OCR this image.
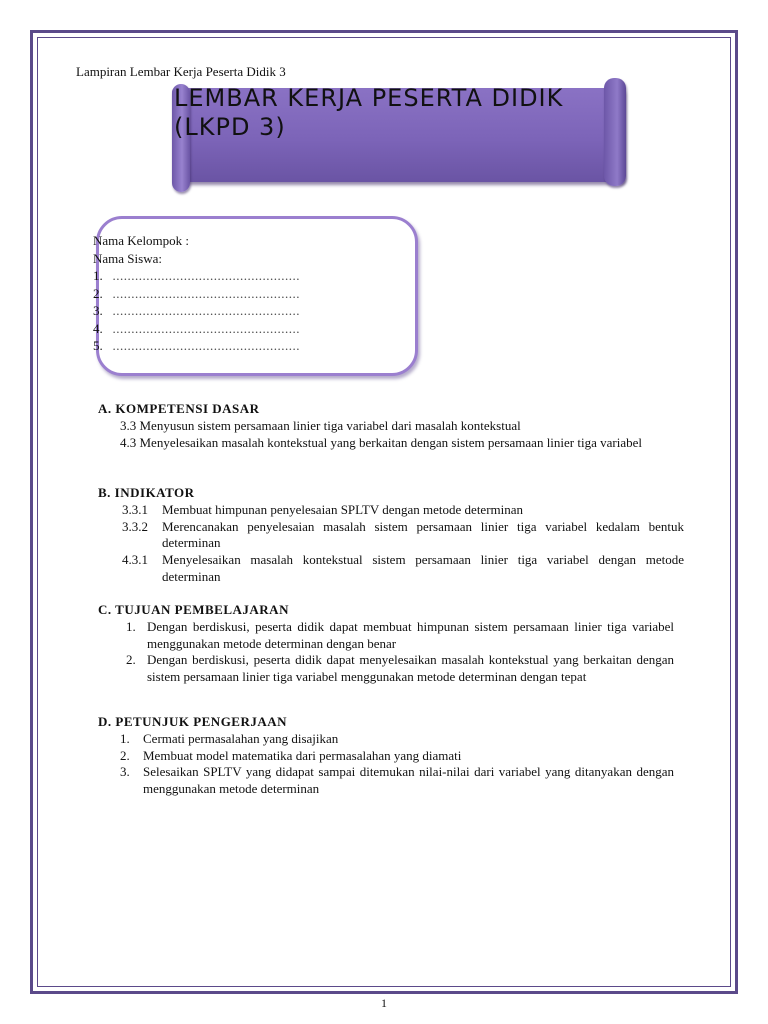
Lampiran Lembar Kerja Peserta Didik 3
LEMBAR KERJA PESERTA DIDIK
(LKPD 3)
Nama Kelompok :
Nama Siswa:
1. ..................................................
2. ..................................................
3. ..................................................
4. ..................................................
5. ..................................................
A. KOMPETENSI DASAR
3.3 Menyusun sistem persamaan linier tiga variabel dari masalah kontekstual
4.3 Menyelesaikan masalah kontekstual yang berkaitan dengan sistem persamaan linier tiga variabel
B. INDIKATOR
3.3.1	Membuat himpunan penyelesaian SPLTV dengan metode determinan
3.3.2	Merencanakan penyelesaian masalah sistem persamaan linier tiga variabel kedalam bentuk determinan
4.3.1	Menyelesaikan masalah kontekstual sistem persamaan linier tiga variabel dengan metode determinan
C. TUJUAN PEMBELAJARAN
1. Dengan berdiskusi, peserta didik dapat membuat himpunan sistem persamaan linier tiga variabel menggunakan metode determinan dengan benar
2. Dengan berdiskusi, peserta didik dapat menyelesaikan masalah kontekstual yang berkaitan dengan sistem persamaan linier tiga variabel menggunakan metode determinan dengan tepat
D. PETUNJUK PENGERJAAN
1.	Cermati permasalahan yang disajikan
2.	Membuat model matematika dari permasalahan yang diamati
3.	Selesaikan SPLTV yang didapat sampai ditemukan nilai-nilai dari variabel yang ditanyakan dengan menggunakan metode determinan
1
